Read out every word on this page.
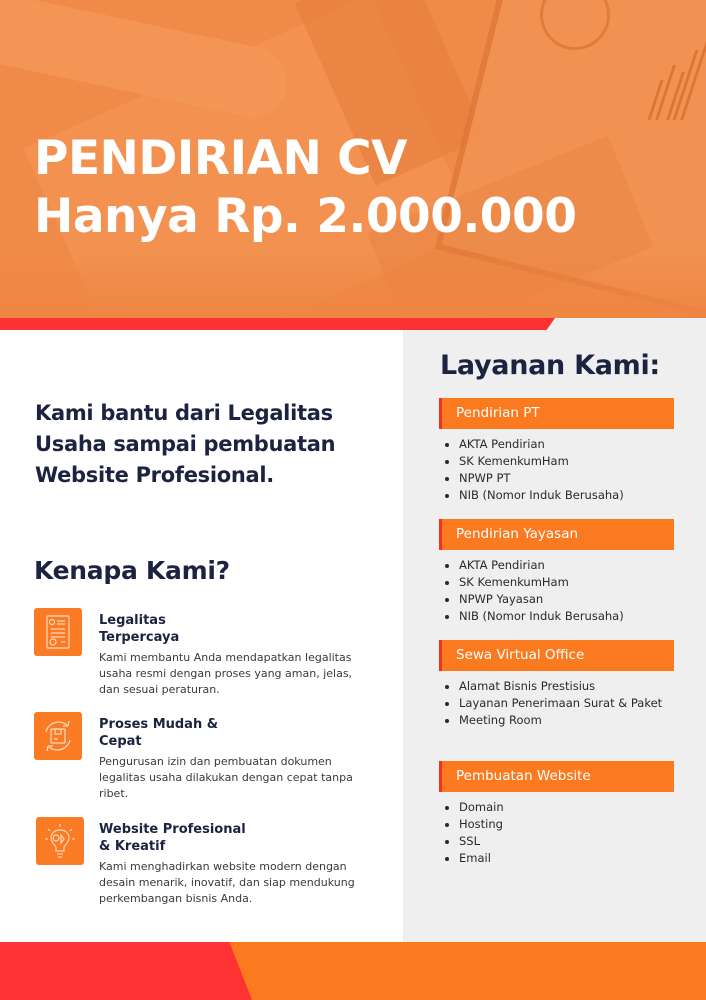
PENDIRIAN CV
Hanya Rp. 2.000.000
Layanan Kami:
Pendirian PT
AKTA Pendirian
SK KemenkumHam
NPWP PT
NIB (Nomor Induk Berusaha)
Pendirian Yayasan
AKTA Pendirian
SK KemenkumHam
NPWP Yayasan
NIB (Nomor Induk Berusaha)
Sewa Virtual Office
Alamat Bisnis Prestisius
Layanan Penerimaan Surat & Paket
Meeting Room
Pembuatan Website
Domain
Hosting
SSL
Email

Kami bantu dari Legalitas
Usaha sampai pembuatan
Website Profesional.

Kenapa Kami?
Legalitas
Terpercaya
Kami membantu Anda mendapatkan legalitas
usaha resmi dengan proses yang aman, jelas,
dan sesuai peraturan.
Proses Mudah &
Cepat
Pengurusan izin dan pembuatan dokumen
legalitas usaha dilakukan dengan cepat tanpa
ribet.
Website Profesional
& Kreatif
Kami menghadirkan website modern dengan
desain menarik, inovatif, dan siap mendukung
perkembangan bisnis Anda.
